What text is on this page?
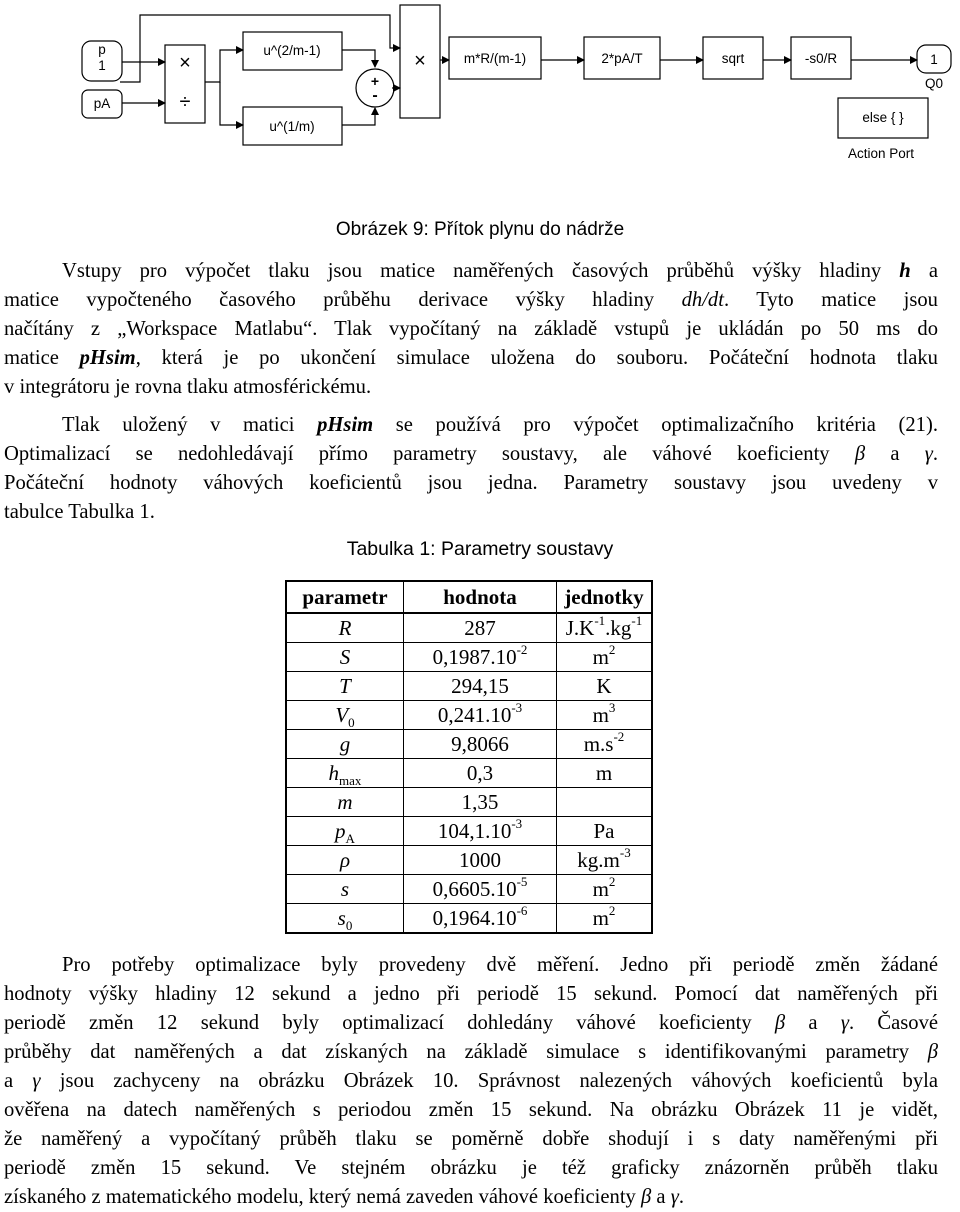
p
1
pA
×
÷
u^(2/m-1)
u^(1/m)
+
-
×	m*R/(m-1)	2*pA/T	sqrt	-s0/R	1
Q0
else { }
Action Port
Obrázek 9: Přítok plynu do nádrže
Vstupy pro výpočet tlaku jsou matice naměřených časových průběhů výšky hladiny h a
matice vypočteného časového průběhu derivace výšky hladiny dh/dt. Tyto matice jsou
načítány z „Workspace Matlabu“. Tlak vypočítaný na základě vstupů je ukládán po 50 ms do
matice pHsim, která je po ukončení simulace uložena do souboru. Počáteční hodnota tlaku
v integrátoru je rovna tlaku atmosférickému.
Tlak uložený v matici pHsim se používá pro výpočet optimalizačního kritéria (21).
Optimalizací se nedohledávají přímo parametry soustavy, ale váhové koeficienty β a γ.
Počáteční hodnoty váhových koeficientů jsou jedna. Parametry soustavy jsou uvedeny v
tabulce Tabulka 1.
Tabulka 1: Parametry soustavy
parametr	hodnota	jednotky
R	287	$J.K^{-1}.kg^{-1}$
S	$0,1987.10^{-2}$	$m^2$
T	294,15	K
$V_0$	$0,241.10^{-3}$	$m^3$
g	9,8066	$m.s^{-2}$
$h_{max}$	0,3	m
m	1,35	
$p_A$	$104,1.10^{-3}$	Pa
ρ	1000	$kg.m^{-3}$
s	$0,6605.10^{-5}$	$m^2$
$s_0$	$0,1964.10^{-6}$	$m^2$
Pro potřeby optimalizace byly provedeny dvě měření. Jedno při periodě změn žádané
hodnoty výšky hladiny 12 sekund a jedno při periodě 15 sekund. Pomocí dat naměřených při
periodě změn 12 sekund byly optimalizací dohledány váhové koeficienty β a γ. Časové
průběhy dat naměřených a dat získaných na základě simulace s identifikovanými parametry β
a γ jsou zachyceny na obrázku Obrázek 10. Správnost nalezených váhových koeficientů byla
ověřena na datech naměřených s periodou změn 15 sekund. Na obrázku Obrázek 11 je vidět,
že naměřený a vypočítaný průběh tlaku se poměrně dobře shodují i s daty naměřenými při
periodě změn 15 sekund. Ve stejném obrázku je též graficky znázorněn průběh tlaku
získaného z matematického modelu, který nemá zaveden váhové koeficienty β a γ.
